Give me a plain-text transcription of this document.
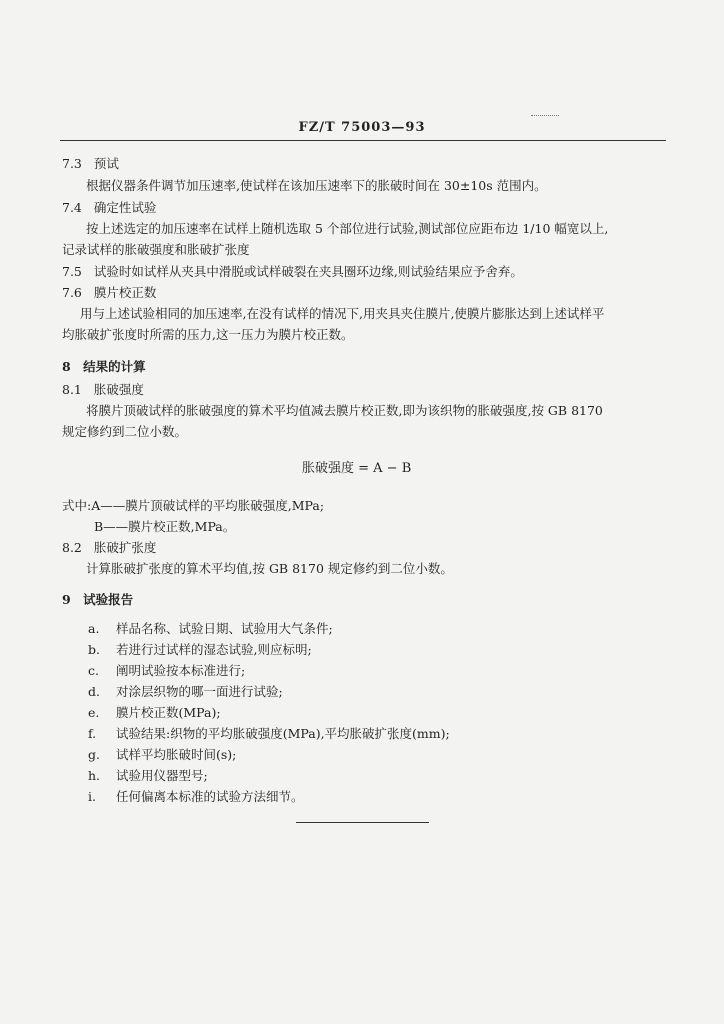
FZ/T 75003—93
7.3 预试
根据仪器条件调节加压速率,使试样在该加压速率下的胀破时间在 30±10s 范围内。
7.4 确定性试验
按上述选定的加压速率在试样上随机选取 5 个部位进行试验,测试部位应距布边 1/10 幅宽以上,
记录试样的胀破强度和胀破扩张度
7.5 试验时如试样从夹具中滑脱或试样破裂在夹具圈环边缘,则试验结果应予舍弃。
7.6 膜片校正数
用与上述试验相同的加压速率,在没有试样的情况下,用夹具夹住膜片,使膜片膨胀达到上述试样平
均胀破扩张度时所需的压力,这一压力为膜片校正数。
8 结果的计算
8.1 胀破强度
将膜片顶破试样的胀破强度的算术平均值减去膜片校正数,即为该织物的胀破强度,按 GB 8170
规定修约到二位小数。
胀破强度 = A − B
式中:A——膜片顶破试样的平均胀破强度,MPa;
B——膜片校正数,MPa。
8.2 胀破扩张度
计算胀破扩张度的算术平均值,按 GB 8170 规定修约到二位小数。
9 试验报告
a. 样品名称、试验日期、试验用大气条件;
b. 若进行过试样的湿态试验,则应标明;
c. 阐明试验按本标准进行;
d. 对涂层织物的哪一面进行试验;
e. 膜片校正数(MPa);
f. 试验结果:织物的平均胀破强度(MPa),平均胀破扩张度(mm);
g. 试样平均胀破时间(s);
h. 试验用仪器型号;
i. 任何偏离本标准的试验方法细节。
